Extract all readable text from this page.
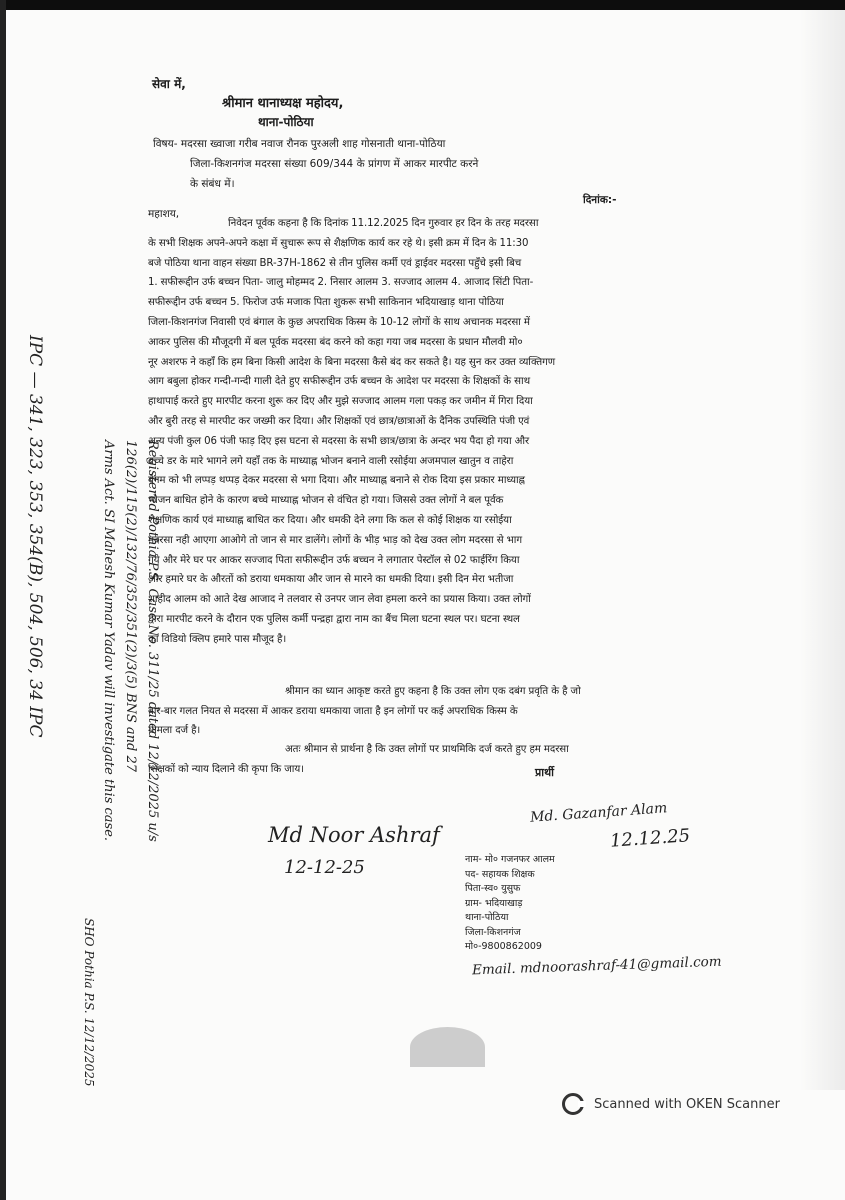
सेवा में,
श्रीमान थानाध्यक्ष महोदय,
थाना-पोठिया
विषय- मदरसा ख्वाजा गरीब नवाज रौनक पुरअली शाह गोसनाती थाना-पोठिया
जिला-किशनगंज मदरसा संख्या 609/344 के प्रांगण में आकर मारपीट करने
के संबंध में।
दिनांक:-
महाशय,
निवेदन पूर्वक कहना है कि दिनांक 11.12.2025 दिन गुरुवार हर दिन के तरह मदरसा
के सभी शिक्षक अपने-अपने कक्षा में सुचारू रूप से शैक्षणिक कार्य कर रहे थे। इसी क्रम में दिन के 11:30
बजे पोठिया थाना वाहन संख्या BR-37H-1862 से तीन पुलिस कर्मी एवं ड्राईवर मदरसा पहुँचे इसी बिच
1. सफीरूद्दीन उर्फ बच्चन पिता- जालु मोहम्मद 2. निसार आलम 3. सज्जाद आलम 4. आजाद सिंटी पिता-
सफीरूद्दीन उर्फ बच्चन 5. फिरोज उर्फ मजाक पिता शुकरू सभी साकिनान भदियाखाड़ थाना पोठिया
जिला-किशनगंज निवासी एवं बंगाल के कुछ अपराधिक किस्म के 10-12 लोगों के साथ अचानक मदरसा में
आकर पुलिस की मौजूदगी में बल पूर्वक मदरसा बंद करने को कहा गया जब मदरसा के प्रधान मौलवी मो०
नूर अशरफ ने कहाँ कि हम बिना किसी आदेश के बिना मदरसा कैसे बंद कर सकते है। यह सुन कर उक्त व्यक्तिगण
आग बबुला होकर गन्दी-गन्दी गाली देते हुए सफीरूद्दीन उर्फ बच्चन के आदेश पर मदरसा के शिक्षकों के साथ
हाथापाई करते हुए मारपीट करना शुरू कर दिए और मुझे सज्जाद आलम गला पकड़ कर जमीन में गिरा दिया
और बुरी तरह से मारपीट कर जख्मी कर दिया। और शिक्षकों एवं छात्र/छात्राओं के दैनिक उपस्थिति पंजी एवं
अन्य पंजी कुल 06 पंजी फाड़ दिए इस घटना से मदरसा के सभी छात्र/छात्रा के अन्दर भय पैदा हो गया और
बच्चे डर के मारे भागने लगे यहाँ तक के माध्याह्न भोजन बनाने वाली रसोईया अजमपाल खातुन व ताहेरा
बेगम को भी लप्पड़ थप्पड़ देकर मदरसा से भगा दिया। और माध्याह्न बनाने से रोक दिया इस प्रकार माध्याह्न
भोजन बाधित होने के कारण बच्चे माध्याह्न भोजन से वंचित हो गया। जिससे उक्त लोगों ने बल पूर्वक
शैक्षणिक कार्य एवं माध्याह्न बाधित कर दिया। और धमकी देने लगा कि कल से कोई शिक्षक या रसोईया
मदरसा नही आएगा आओगे तो जान से मार डालेंगे। लोगों के भीड़ भाड़ को देख उक्त लोग मदरसा से भाग
गये और मेरे घर पर आकर सज्जाद पिता सफीरूद्दीन उर्फ बच्चन ने लगातार पेस्टॉल से 02 फाईरिंग किया
और हमारे घर के औरतों को डराया धमकाया और जान से मारने का धमकी दिया। इसी दिन मेरा भतीजा
शाहीद आलम को आते देख आजाद ने तलवार से उनपर जान लेवा हमला करने का प्रयास किया। उक्त लोगों
द्वारा मारपीट करने के दौरान एक पुलिस कर्मी पन्द्रहा द्वारा नाम का बैंच मिला घटना स्थल पर। घटना स्थल
का विडियो क्लिप हमारे पास मौजूद है।
श्रीमान का ध्यान आकृष्ट करते हुए कहना है कि उक्त लोग एक दबंग प्रवृति के है जो
बार-बार गलत नियत से मदरसा में आकर डराया धमकाया जाता है इन लोगों पर कई अपराधिक किस्म के
मामला दर्ज है।
अतः श्रीमान से प्रार्थना है कि उक्त लोगों पर प्राथमिकि दर्ज करते हुए हम मदरसा
शिक्षकों को न्याय दिलाने की कृपा कि जाय।	प्रार्थी
Md Noor Ashraf
12-12-25
Md. Gazanfar Alam
12.12.25
नाम- मो० गजनफर आलम
पद- सहायक शिक्षक
पिता-स्व० युसुफ
ग्राम- भदियाखाड़
थाना-पोठिया
जिला-किशनगंज
मो०-9800862009
Email. mdnoorashraf-41@gmail.com
IPC — 341, 323, 353, 354(B), 504, 506, 34 IPC	Registered Pothia P.S. Case No. 311/25 dated 12/12/2025 u/s
126(2)/115(2)/132/76/352/351(2)/3(5) BNS and 27
Arms Act. SI Mahesh Kumar Yadav will investigate this case.
SHO Pothia P.S. 12/12/2025
Scanned with OKEN Scanner
